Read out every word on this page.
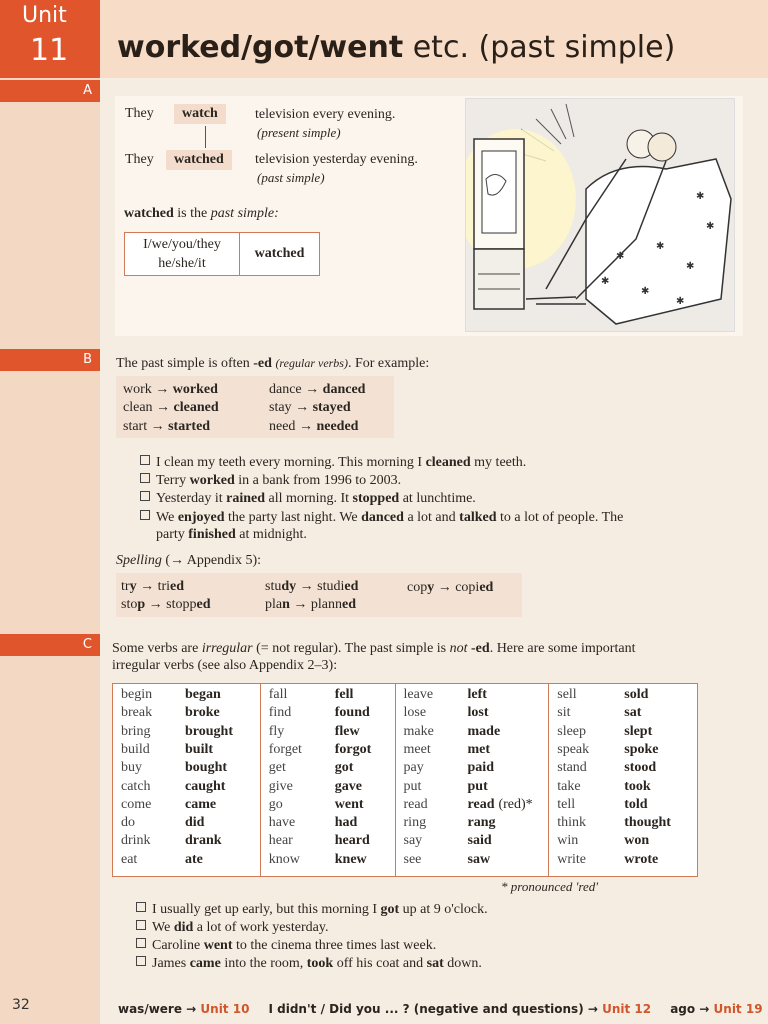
Unit
11 worked/got/went etc. (past simple)
A
B
C
They	watch	television every evening.
(present simple)
They	watched	television yesterday evening.
(past simple)
watched is the past simple:
I/we/you/they
he/she/it
watched	✱
✱
✱
✱
✱
✱
✱
✱
The past simple is often -ed (regular verbs). For example:
work → worked	dance → danced
clean → cleaned	stay → stayed
start → started	need → needed
I clean my teeth every morning. This morning I cleaned my teeth.
Terry worked in a bank from 1996 to 2003.
Yesterday it rained all morning. It stopped at lunchtime.
We enjoyed the party last night. We danced a lot and talked to a lot of people. The
party finished at midnight.
Spelling (→ Appendix 5):
try → tried	study → studied	copy → copied
stop → stopped	plan → planned
Some verbs are irregular (= not regular). The past simple is not -ed. Here are some important
irregular verbs (see also Appendix 2–3):
begin began
break broke
bring brought
build	built
buy	bought
catch caught
come came
do	did
drink drank
eat	ate
fall	fell
find	found
fly	flew
forget forgot
get	got
give	gave
go	went
have	had
hear	heard
know knew
leave left
lose	lost
make made
meet	met
pay	paid
put	put
read	read (red)*
ring	rang
say	said
see	saw
sell	sold
sit	sat
sleep	slept
speak	spoke
stand	stood
take	took
tell	told
think	thought
win	won
write	wrote
* pronounced 'red'
I usually get up early, but this morning I got up at 9 o'clock.
We did a lot of work yesterday.
Caroline went to the cinema three times last week.
James came into the room, took off his coat and sat down.
32	was/were → Unit 10 I didn't / Did you ... ? (negative and questions) → Unit 12 ago → Unit 19
